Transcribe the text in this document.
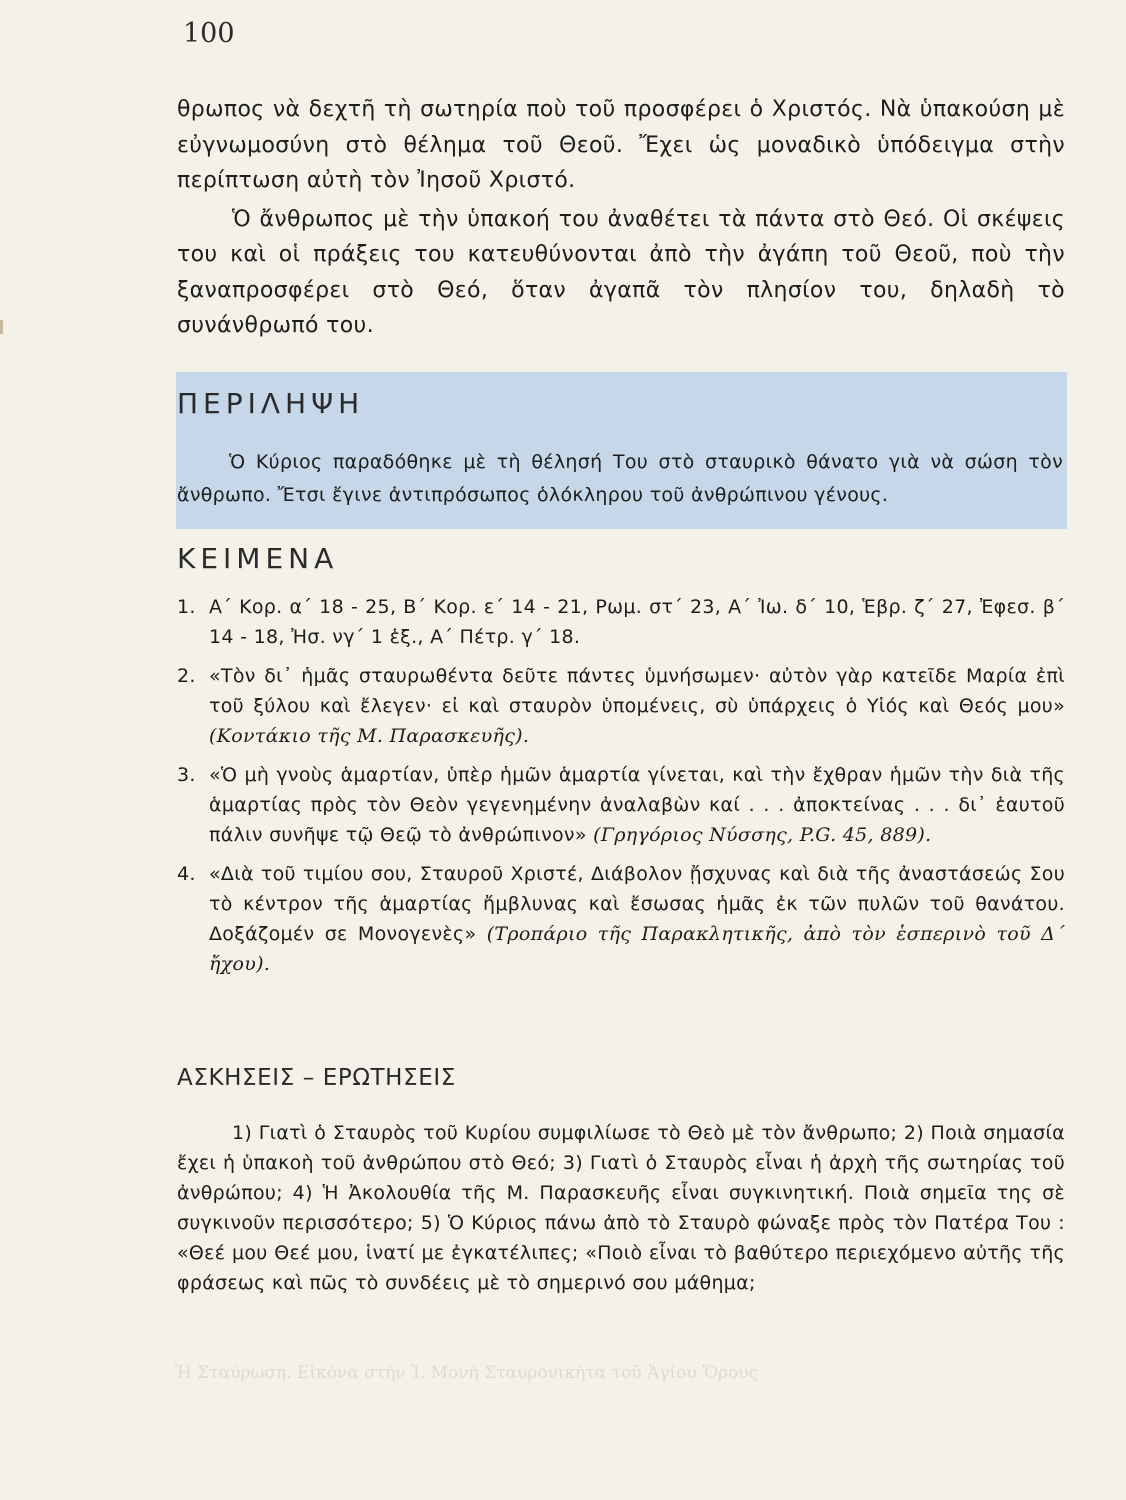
Ἡ Σταύρωση. Εἰκόνα στὴν Ἱ. Μονὴ Σταυρονικήτα τοῦ Ἁγίου Ὄρους
100

θρωπος νὰ δεχτῆ τὴ σωτηρία ποὺ τοῦ προσφέρει ὁ Χριστός. Νὰ ὑπακούση μὲ εὐγνωμοσύνη στὸ θέλημα τοῦ Θεοῦ. Ἔχει ὡς μοναδικὸ ὑπόδειγμα στὴν περίπτωση αὐτὴ τὸν Ἰησοῦ Χριστό.

Ὁ ἄνθρωπος μὲ τὴν ὑπακοή του ἀναθέτει τὰ πάντα στὸ Θεό. Οἱ σκέψεις του καὶ οἱ πράξεις του κατευθύνονται ἀπὸ τὴν ἀγάπη τοῦ Θεοῦ, ποὺ τὴν ξαναπροσφέρει στὸ Θεό, ὅταν ἀγαπᾶ τὸν πλησίον του, δηλαδὴ τὸ συνάνθρωπό του.

ΠΕΡΙΛΗΨΗ
Ὁ Κύριος παραδόθηκε μὲ τὴ θέλησή Του στὸ σταυρικὸ θάνατο γιὰ νὰ σώση τὸν ἄνθρωπο. Ἔτσι ἔγινε ἀντιπρόσωπος ὁλόκληρου τοῦ ἀνθρώπινου γένους.
ΚΕΙΜΕΝΑ
1. Α΄ Κορ. α΄ 18 - 25, Β΄ Κορ. ε΄ 14 - 21, Ρωμ. στ΄ 23, Α΄ Ἰω. δ΄ 10, Ἑβρ. ζ΄ 27, Ἐφεσ. β΄ 14 - 18, Ἠσ. νγ΄ 1 ἑξ., Α΄ Πέτρ. γ΄ 18.
2. «Τὸν δι᾽ ἡμᾶς σταυρωθέντα δεῦτε πάντες ὑμνήσωμεν· αὐτὸν γὰρ κατεῖδε Μαρία ἐπὶ τοῦ ξύλου καὶ ἔλεγεν· εἰ καὶ σταυρὸν ὑπομένεις, σὺ ὑπάρχεις ὁ Υἱός καὶ Θεός μου» (Κοντάκιο τῆς Μ. Παρασκευῆς).
3. «Ὁ μὴ γνοὺς ἁμαρτίαν, ὑπὲρ ἡμῶν ἁμαρτία γίνεται, καὶ τὴν ἔχθραν ἡμῶν τὴν διὰ τῆς ἁμαρτίας πρὸς τὸν Θεὸν γεγενημένην ἀναλαβὼν καί . . . ἀποκτείνας . . . δι᾽ ἑαυτοῦ πάλιν συνῆψε τῷ Θεῷ τὸ ἀνθρώπινον» (Γρηγόριος Νύσσης, P.G. 45, 889).
4. «Διὰ τοῦ τιμίου σου, Σταυροῦ Χριστέ, Διάβολον ᾔσχυνας καὶ διὰ τῆς ἀναστάσεώς Σου τὸ κέντρον τῆς ἁμαρτίας ἤμβλυνας καὶ ἔσωσας ἡμᾶς ἐκ τῶν πυλῶν τοῦ θανάτου. Δοξάζομέν σε Μονογενὲς» (Τροπάριο τῆς Παρακλητικῆς, ἀπὸ τὸν ἑσπερινὸ τοῦ Δ΄ ἤχου).
ΑΣΚΗΣΕΙΣ – ΕΡΩΤΗΣΕΙΣ
1) Γιατὶ ὁ Σταυρὸς τοῦ Κυρίου συμφιλίωσε τὸ Θεὸ μὲ τὸν ἄνθρωπο; 2) Ποιὰ σημασία ἔχει ἡ ὑπακοὴ τοῦ ἀνθρώπου στὸ Θεό; 3) Γιατὶ ὁ Σταυρὸς εἶναι ἡ ἀρχὴ τῆς σωτηρίας τοῦ ἀνθρώπου; 4) Ἡ Ἀκολουθία τῆς Μ. Παρασκευῆς εἶναι συγκινητική. Ποιὰ σημεῖα της σὲ συγκινοῦν περισσότερο; 5) Ὁ Κύριος πάνω ἀπὸ τὸ Σταυρὸ φώναξε πρὸς τὸν Πατέρα Του : «Θεέ μου Θεέ μου, ἱνατί με ἐγκατέλιπες; «Ποιὸ εἶναι τὸ βαθύτερο περιεχόμενο αὐτῆς τῆς φράσεως καὶ πῶς τὸ συνδέεις μὲ τὸ σημερινό σου μάθημα;
